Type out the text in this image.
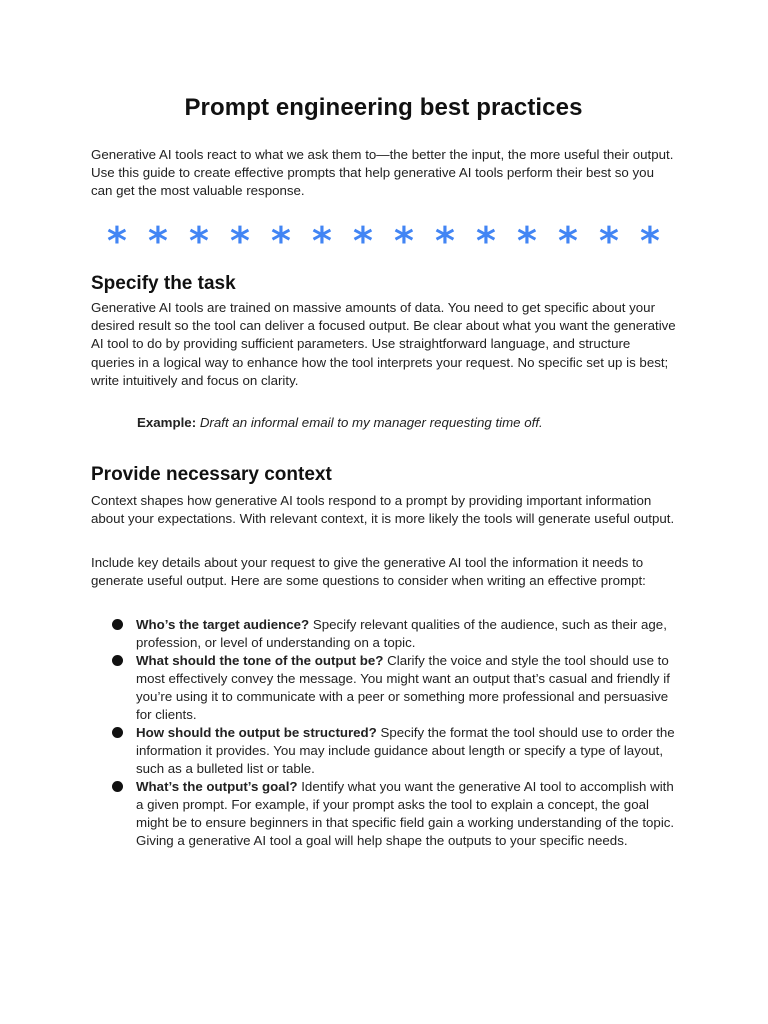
Prompt engineering best practices

Generative AI tools react to what we ask them to—the better the input, the more useful their output. Use this guide to create effective prompts that help generative AI tools perform their best so you can get the most valuable response.

* * * * * * * * * * * * * *
Specify the task

Generative AI tools are trained on massive amounts of data. You need to get specific about your desired result so the tool can deliver a focused output. Be clear about what you want the generative AI tool to do by providing sufficient parameters. Use straightforward language, and structure queries in a logical way to enhance how the tool interprets your request. No specific set up is best; write intuitively and focus on clarity.

Example: Draft an informal email to my manager requesting time off.
Provide necessary context

Context shapes how generative AI tools respond to a prompt by providing important information about your expectations. With relevant context, it is more likely the tools will generate useful output.

Include key details about your request to give the generative AI tool the information it needs to generate useful output. Here are some questions to consider when writing an effective prompt:

Who’s the target audience? Specify relevant qualities of the audience, such as their age, profession, or level of understanding on a topic.
What should the tone of the output be? Clarify the voice and style the tool should use to most effectively convey the message. You might want an output that’s casual and friendly if you’re using it to communicate with a peer or something more professional and persuasive for clients.
How should the output be structured? Specify the format the tool should use to order the information it provides. You may include guidance about length or specify a type of layout, such as a bulleted list or table.
What’s the output’s goal? Identify what you want the generative AI tool to accomplish with a given prompt. For example, if your prompt asks the tool to explain a concept, the goal might be to ensure beginners in that specific field gain a working understanding of the topic. Giving a generative AI tool a goal will help shape the outputs to your specific needs.
